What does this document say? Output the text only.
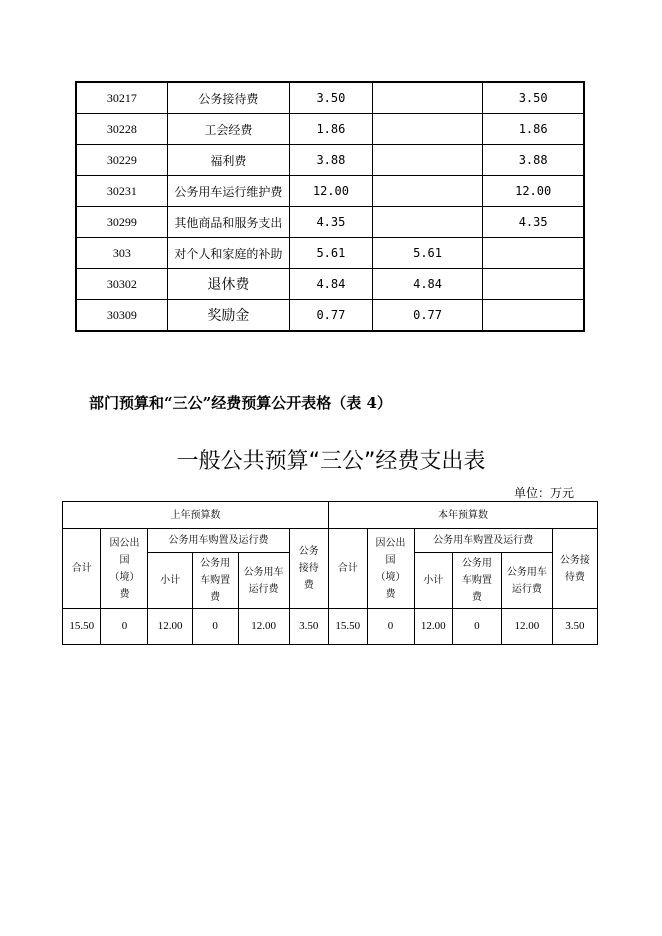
30217	公务接待费	3.50		3.50
30228	工会经费	1.86		1.86
30229	福利费	3.88		3.88
30231	公务用车运行维护费	12.00		12.00
30299	其他商品和服务支出	4.35		4.35
303	对个人和家庭的补助	5.61	5.61	
30302	退休费	4.84	4.84	
30309	奖励金	0.77	0.77	

部门预算和“三公”经费预算公开表格（表 4）

一般公共预算“三公”经费支出表

单位：万元

上年预算数						本年预算数					
合计	因公出国（境）费	公务用车购置及运行费			公务接待费	合计	因公出国（境）费	公务用车购置及运行费			公务接待费
		小计	公务用车购置费	公务用车运行费				小计	公务用车购置费	公务用车运行费	
15.50	0	12.00	0	12.00	3.50	15.50	0	12.00	0	12.00	3.50
